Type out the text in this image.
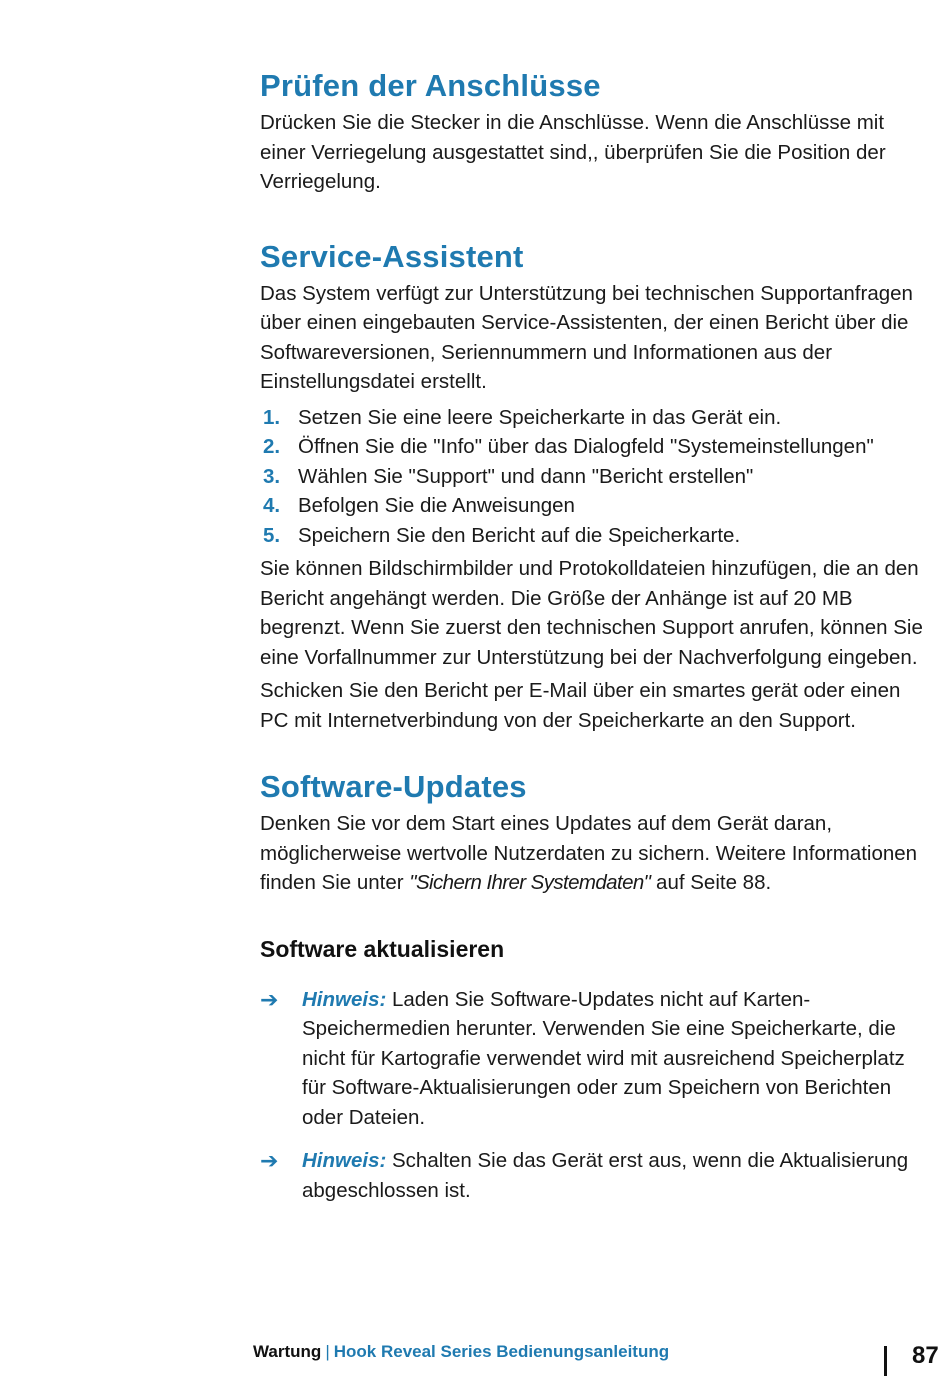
Prüfen der Anschlüsse

Drücken Sie die Stecker in die Anschlüsse. Wenn die Anschlüsse mit einer Verriegelung ausgestattet sind,, überprüfen Sie die Position der Verriegelung.

Service-Assistent

Das System verfügt zur Unterstützung bei technischen Supportanfragen über einen eingebauten Service-Assistenten, der einen Bericht über die Softwareversionen, Seriennummern und Informationen aus der Einstellungsdatei erstellt.

1. Setzen Sie eine leere Speicherkarte in das Gerät ein.
2. Öffnen Sie die "Info" über das Dialogfeld "Systemeinstellungen"
3. Wählen Sie "Support" und dann "Bericht erstellen"
4. Befolgen Sie die Anweisungen
5. Speichern Sie den Bericht auf die Speicherkarte.

Sie können Bildschirmbilder und Protokolldateien hinzufügen, die an den Bericht angehängt werden. Die Größe der Anhänge ist auf 20 MB begrenzt. Wenn Sie zuerst den technischen Support anrufen, können Sie eine Vorfallnummer zur Unterstützung bei der Nachverfolgung eingeben.

Schicken Sie den Bericht per E-Mail über ein smartes gerät oder einen PC mit Internetverbindung von der Speicherkarte an den Support.

Software-Updates

Denken Sie vor dem Start eines Updates auf dem Gerät daran, möglicherweise wertvolle Nutzerdaten zu sichern. Weitere Informationen finden Sie unter "Sichern Ihrer Systemdaten" auf Seite 88.

Software aktualisieren
➔	Hinweis: Laden Sie Software-Updates nicht auf Karten-Speichermedien herunter. Verwenden Sie eine Speicherkarte, die nicht für Kartografie verwendet wird mit ausreichend Speicherplatz für Software-Aktualisierungen oder zum Speichern von Berichten oder Dateien.
➔	Hinweis: Schalten Sie das Gerät erst aus, wenn die Aktualisierung abgeschlossen ist.
Wartung | Hook Reveal Series Bedienungsanleitung	87
